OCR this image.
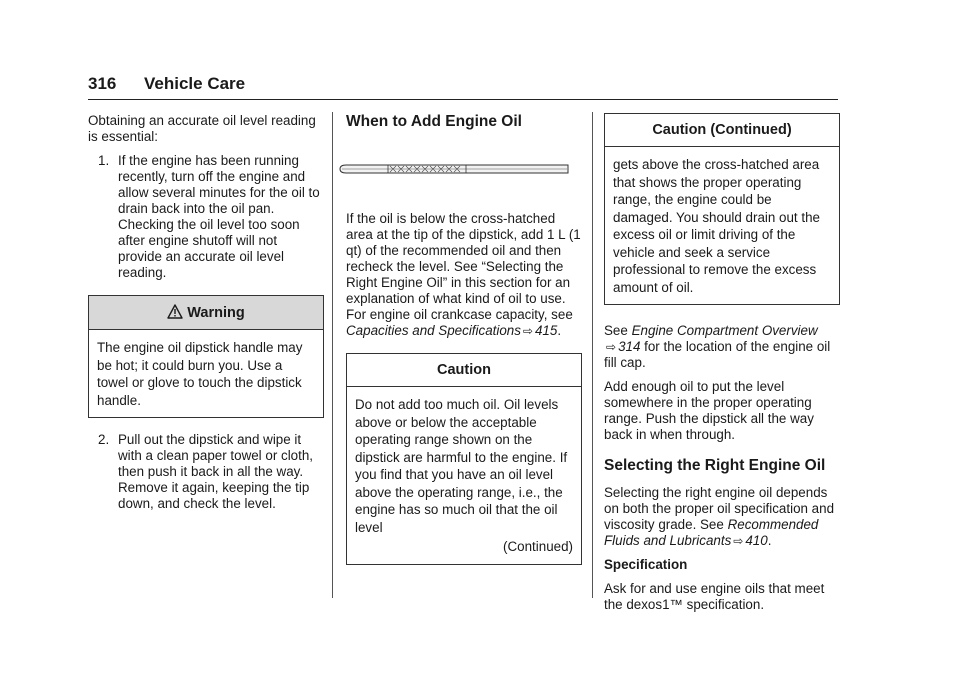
316 Vehicle Care

Obtaining an accurate oil level reading is essential:

1. If the engine has been running recently, turn off the engine and allow several minutes for the oil to drain back into the oil pan. Checking the oil level too soon after engine shutoff will not provide an accurate oil level reading.
Warning
The engine oil dipstick handle may be hot; it could burn you. Use a towel or glove to touch the dipstick handle.
2. Pull out the dipstick and wipe it with a clean paper towel or cloth, then push it back in all the way. Remove it again, keeping the tip down, and check the level.
When to Add Engine Oil

If the oil is below the cross-hatched area at the tip of the dipstick, add 1 L (1 qt) of the recommended oil and then recheck the level. See “Selecting the Right Engine Oil” in this section for an explanation of what kind of oil to use. For engine oil crankcase capacity, see Capacities and Specifications ⇨ 415.

Caution
Do not add too much oil. Oil levels above or below the acceptable operating range shown on the dipstick are harmful to the engine. If you find that you have an oil level above the operating range, i.e., the engine has so much oil that the oil level
(Continued)
Caution (Continued)
gets above the cross-hatched area that shows the proper operating range, the engine could be damaged. You should drain out the excess oil or limit driving of the vehicle and seek a service professional to remove the excess amount of oil.

See Engine Compartment Overview
⇨ 314 for the location of the engine oil fill cap.

Add enough oil to put the level somewhere in the proper operating range. Push the dipstick all the way back in when through.

Selecting the Right Engine Oil

Selecting the right engine oil depends on both the proper oil specification and viscosity grade. See Recommended Fluids and Lubricants ⇨ 410.

Specification

Ask for and use engine oils that meet the dexos1™ specification.
